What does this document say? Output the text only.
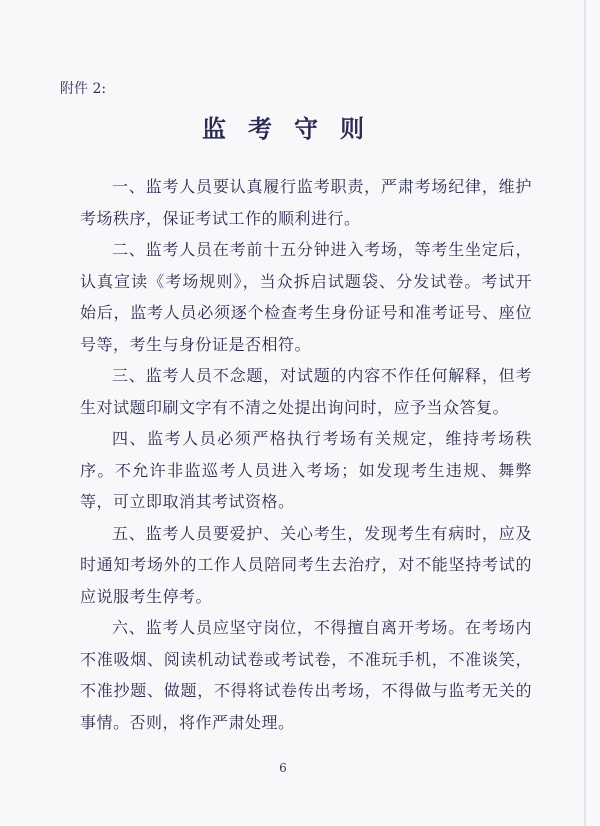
附件 2:
监考守则

一、监考人员要认真履行监考职责，严肃考场纪律，维护考场秩序，保证考试工作的顺利进行。

二、监考人员在考前十五分钟进入考场，等考生坐定后，认真宣读《考场规则》，当众拆启试题袋、分发试卷。考试开始后，监考人员必须逐个检查考生身份证号和准考证号、座位号等，考生与身份证是否相符。

三、监考人员不念题，对试题的内容不作任何解释，但考生对试题印刷文字有不清之处提出询问时，应予当众答复。

四、监考人员必须严格执行考场有关规定，维持考场秩序。不允许非监巡考人员进入考场；如发现考生违规、舞弊等，可立即取消其考试资格。

五、监考人员要爱护、关心考生，发现考生有病时，应及时通知考场外的工作人员陪同考生去治疗，对不能坚持考试的应说服考生停考。

六、监考人员应坚守岗位，不得擅自离开考场。在考场内不准吸烟、阅读机动试卷或考试卷，不准玩手机，不准谈笑，不准抄题、做题，不得将试卷传出考场，不得做与监考无关的事情。否则，将作严肃处理。

6
